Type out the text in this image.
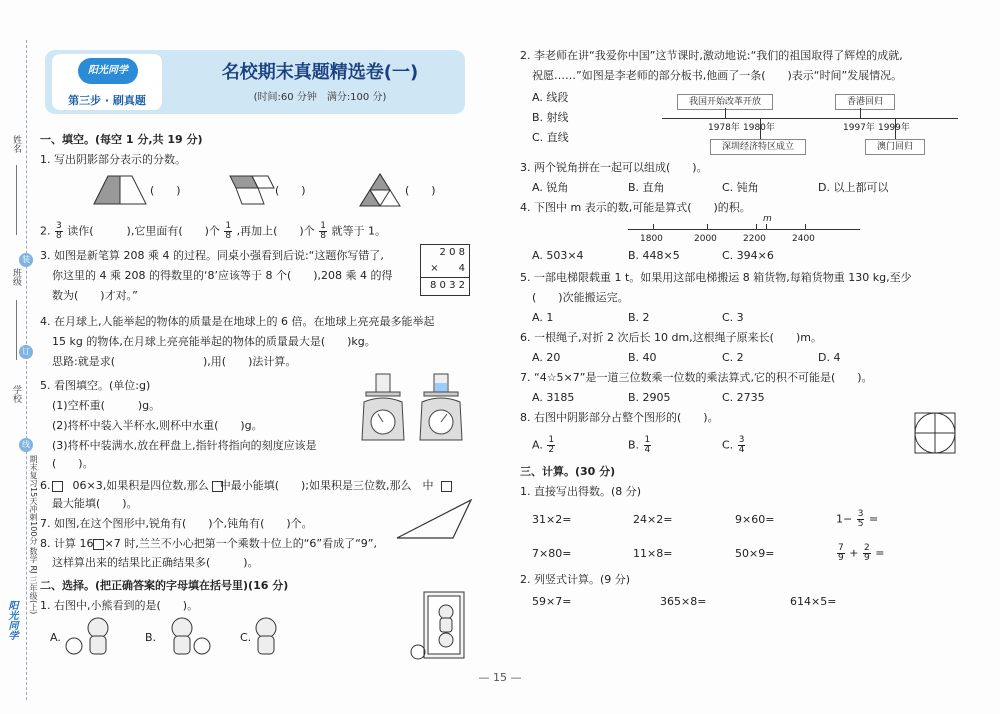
姓名
班级
学校
装
订
线
期末复习15天冲刺100分 数学 RJ 三年级(上)
阳光同学
阳光同学
第三步 · 刷真题
名校期末真题精选卷(一)
(时间:60 分钟　满分:100 分)
一、填空。(每空 1 分,共 19 分)
1. 写出阴影部分表示的分数。
(　　)	(　　)	(　　)
2. $\frac{3}{8}$ 读作(　　　),它里面有(　　)个 $\frac{1}{8}$ ,再加上(　　)个 $\frac{1}{8}$ 就等于 1。
3. 如图是新笔算 208 乘 4 的过程。同桌小强看到后说:“这题你写错了,
你这里的 4 乘 208 的得数里的‘8’应该等于 8 个(　　),208 乘 4 的得
数为(　　)才对。”
2 0 8
×　　4
8 0 3 2
4. 在月球上,人能举起的物体的质量是在地球上的 6 倍。在地球上亮亮最多能举起
15 kg 的物体,在月球上亮亮能举起的物体的质量最大是(　　)kg。
思路:就是求(　　　　　　　　),用(　　)法计算。
5. 看图填空。(单位:g)
(1)空杯重(　　　)g。
(2)将杯中装入半杯水,则杯中水重(　　)g。
(3)将杯中装满水,放在秤盘上,指针将指向的刻度应该是
(　　)。
6.　　06×3,如果积是四位数,那么　中最小能填(　　);如果积是三位数,那么　中
最大能填(　　)。
7. 如图,在这个图形中,锐角有(　　)个,钝角有(　　)个。
8. 计算 16　×7 时,兰兰不小心把第一个乘数十位上的“6”看成了“9”,
这样算出来的结果比正确结果多(　　　)。
二、选择。(把正确答案的字母填在括号里)(16 分)
1. 右图中,小熊看到的是(　　)。
A.	B.	C.
2. 李老师在讲“我爱你中国”这节课时,激动地说:“我们的祖国取得了辉煌的成就,
祝愿……”如图是李老师的部分板书,他画了一条(　　)表示“时间”发展情况。
A. 线段
B. 射线
C. 直线
我国开始改革开放	香港回归
深圳经济特区成立	澳门回归
1978年 1980年	1997年 1999年
3. 两个锐角拼在一起可以组成(　　)。
A. 锐角	B. 直角	C. 钝角	D. 以上都可以
4. 下图中 m 表示的数,可能是算式(　　)的积。
1800	2000	2200	2400
m
A. 503×4	B. 448×5	C. 394×6
5. 一部电梯限载重 1 t。如果用这部电梯搬运 8 箱货物,每箱货物重 130 kg,至少
(　　)次能搬运完。
A. 1	B. 2	C. 3
6. 一根绳子,对折 2 次后长 10 dm,这根绳子原来长(　　)m。
A. 20	B. 40	C. 2	D. 4
7. “4☆5×7”是一道三位数乘一位数的乘法算式,它的积不可能是(　　)。
A. 3185	B. 2905	C. 2735
8. 右图中阴影部分占整个图形的(　　)。
A. $\frac{1}{2}$	B. $\frac{1}{4}$	C. $\frac{3}{4}$
三、计算。(30 分)
1. 直接写出得数。(8 分)
31×2=	24×2=	9×60=	$1- \frac{3}{5}$ =
7×80=	11×8=	50×9=	$\frac{7}{9} + \frac{2}{9}$ =
2. 列竖式计算。(9 分)
59×7=	365×8=	614×5=
— 15 —
